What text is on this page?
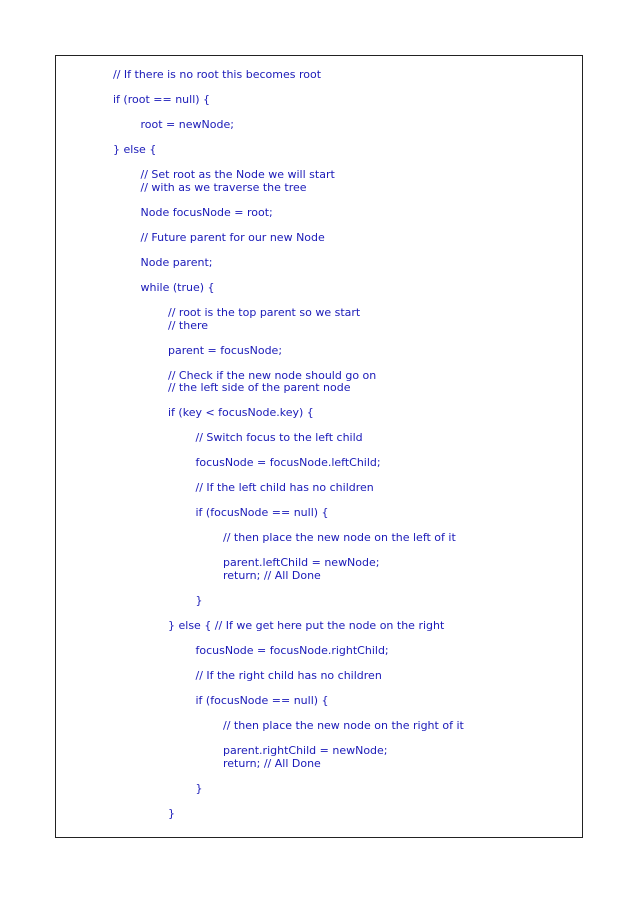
// If there is no root this becomes root
if (root == null) {
root = newNode;
} else {
// Set root as the Node we will start
// with as we traverse the tree
Node focusNode = root;
// Future parent for our new Node
Node parent;
while (true) {
// root is the top parent so we start
// there
parent = focusNode;
// Check if the new node should go on
// the left side of the parent node
if (key < focusNode.key) {
// Switch focus to the left child
focusNode = focusNode.leftChild;
// If the left child has no children
if (focusNode == null) {
// then place the new node on the left of it
parent.leftChild = newNode;
return; // All Done
}
} else { // If we get here put the node on the right
focusNode = focusNode.rightChild;
// If the right child has no children
if (focusNode == null) {
// then place the new node on the right of it
parent.rightChild = newNode;
return; // All Done
}
}
